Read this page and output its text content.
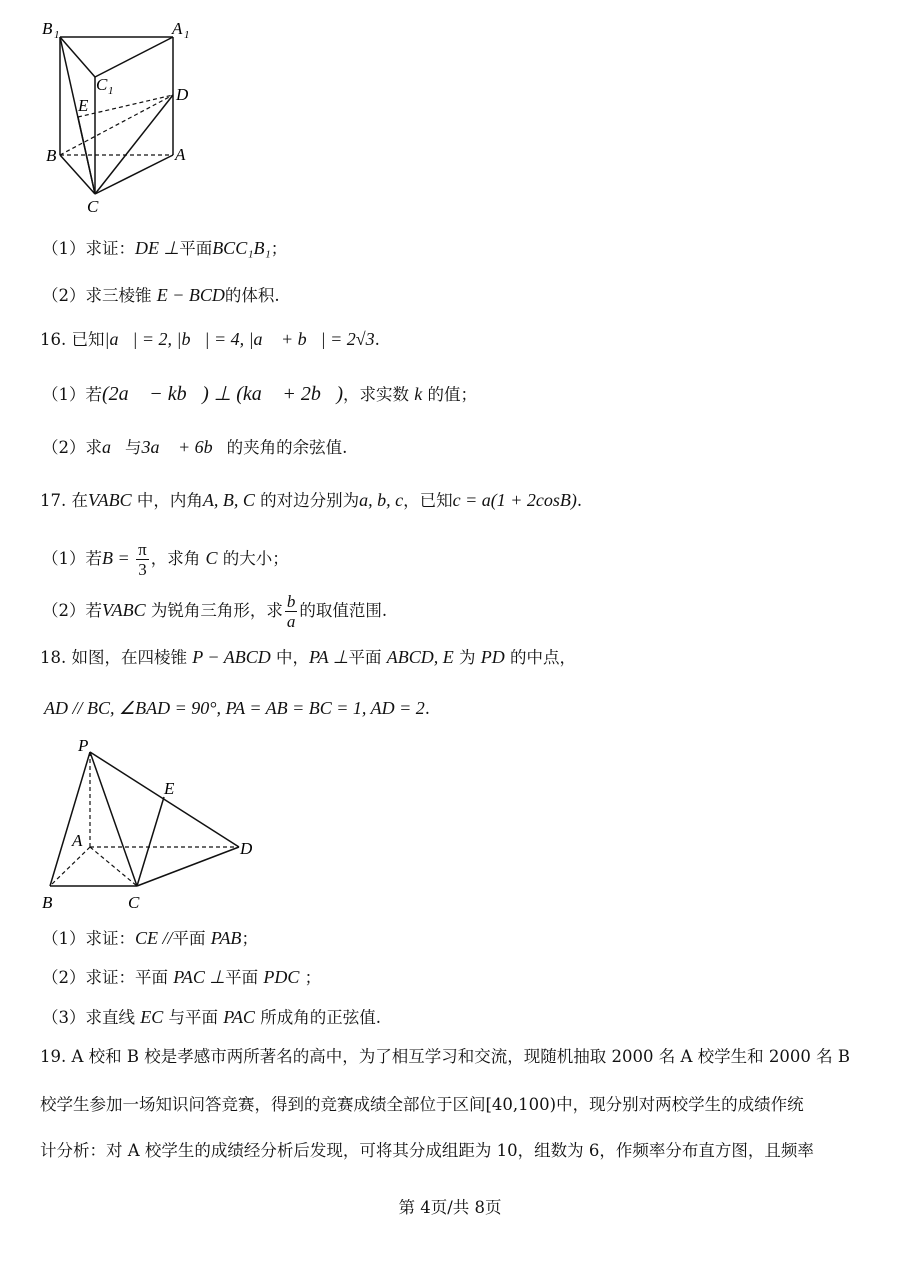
B 1	A 1
C 1	D
E
B	A
C
（1）求证：DE ⊥平面BCC₁B₁；
（2）求三棱锥 E − BCD的体积.
16. 已知|a⃗| = 2, |b⃗| = 4, |a⃗ + b⃗| = 2√3.
（1）若(2a⃗ − kb⃗) ⊥ (ka⃗ + 2b⃗)，求实数 k 的值；
（2）求a⃗与3a⃗ + 6b⃗的夹角的余弦值.
17. 在VABC 中，内角A, B, C 的对边分别为a, b, c，已知c = a(1 + 2cosB).
（1）若$B = \frac{\pi}{3}$ ，求角 C 的大小；
（2）若VABC 为锐角三角形，求 $\frac{b}{a}$ 的取值范围.
18. 如图，在四棱锥 P − ABCD 中，PA ⊥平面 ABCD, E 为 PD 的中点，
AD // BC, ∠BAD = 90°, PA = AB = BC = 1, AD = 2.
P
E
A	D
B	C
（1）求证：CE //平面 PAB；
（2）求证：平面 PAC ⊥平面 PDC ；
（3）求直线 EC 与平面 PAC 所成角的正弦值.
19. A 校和 B 校是孝感市两所著名的高中，为了相互学习和交流，现随机抽取 2000 名 A 校学生和 2000 名 B
校学生参加一场知识问答竞赛，得到的竞赛成绩全部位于区间[40,100)中，现分别对两校学生的成绩作统
计分析：对 A 校学生的成绩经分析后发现，可将其分成组距为 10，组数为 6，作频率分布直方图，且频率
第 4页/共 8页
